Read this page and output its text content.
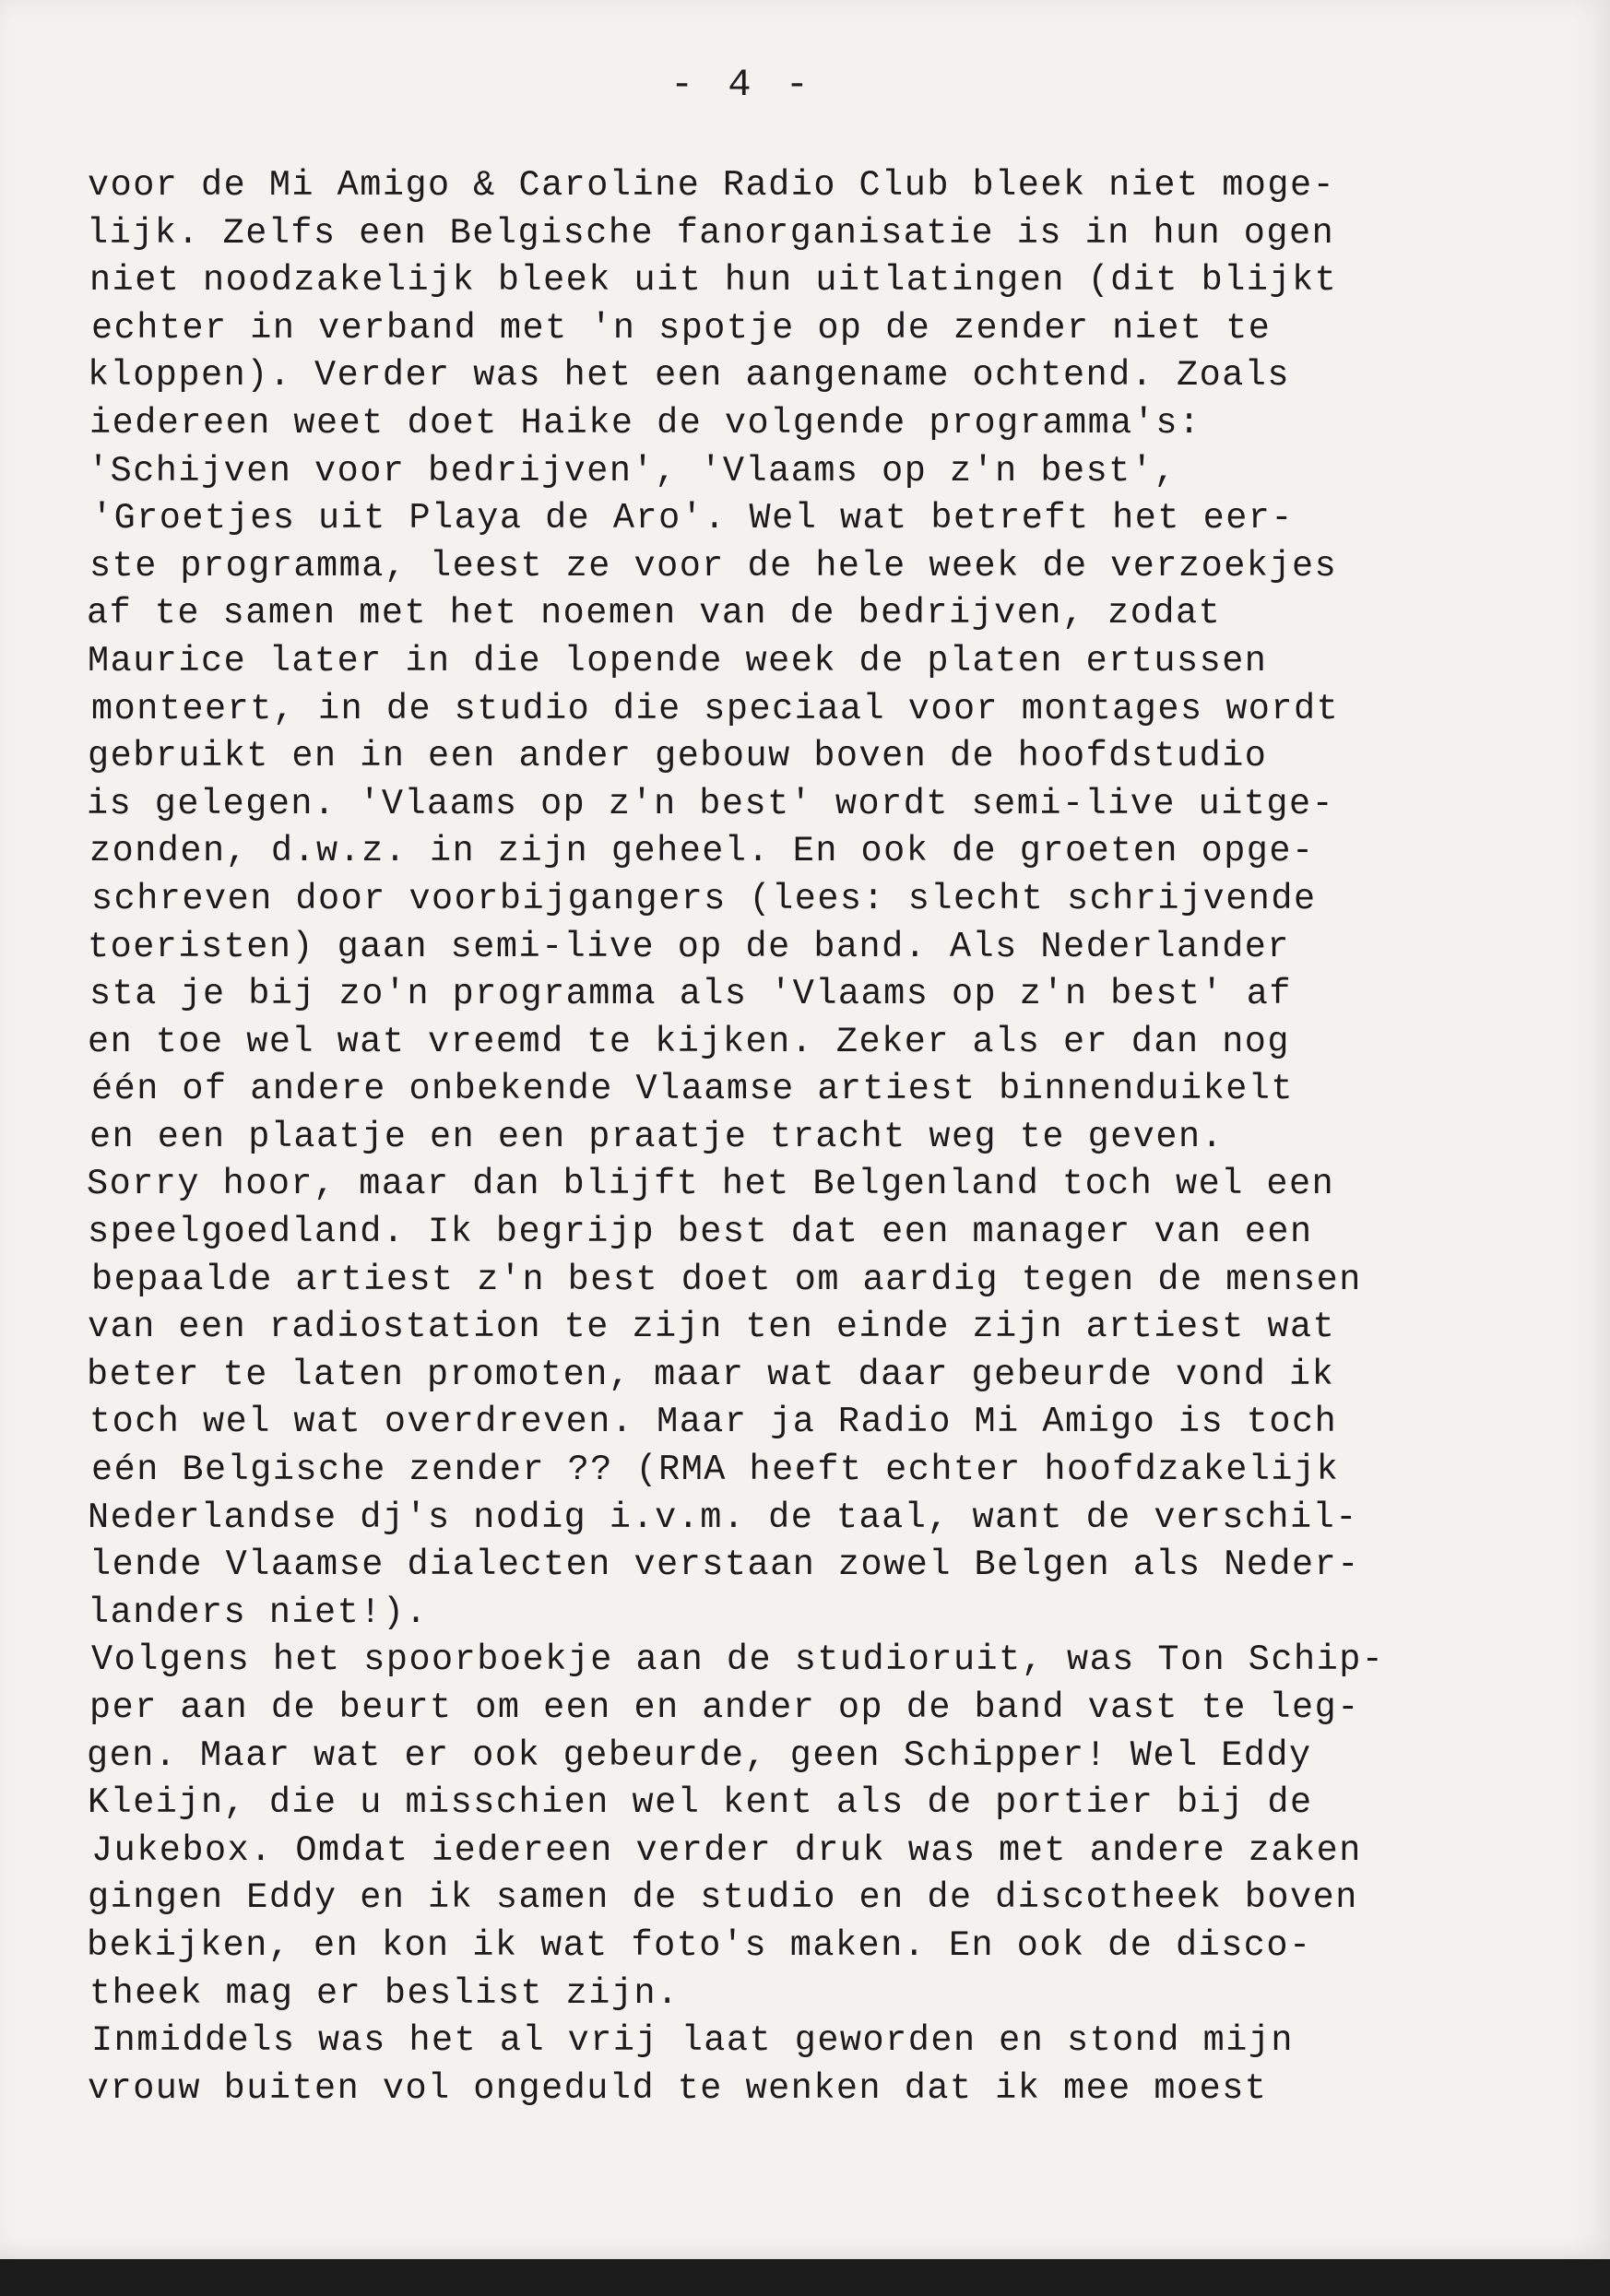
- 4 -
voor de Mi Amigo & Caroline Radio Club bleek niet moge-
lijk. Zelfs een Belgische fanorganisatie is in hun ogen
niet noodzakelijk bleek uit hun uitlatingen (dit blijkt
echter in verband met 'n spotje op de zender niet te
kloppen). Verder was het een aangename ochtend. Zoals
iedereen weet doet Haike de volgende programma's:
'Schijven voor bedrijven', 'Vlaams op z'n best',
'Groetjes uit Playa de Aro'. Wel wat betreft het eer-
ste programma, leest ze voor de hele week de verzoekjes
af te samen met het noemen van de bedrijven, zodat
Maurice later in die lopende week de platen ertussen
monteert, in de studio die speciaal voor montages wordt
gebruikt en in een ander gebouw boven de hoofdstudio
is gelegen. 'Vlaams op z'n best' wordt semi-live uitge-
zonden, d.w.z. in zijn geheel. En ook de groeten opge-
schreven door voorbijgangers (lees: slecht schrijvende
toeristen) gaan semi-live op de band. Als Nederlander
sta je bij zo'n programma als 'Vlaams op z'n best' af
en toe wel wat vreemd te kijken. Zeker als er dan nog
één of andere onbekende Vlaamse artiest binnenduikelt
en een plaatje en een praatje tracht weg te geven.
Sorry hoor, maar dan blijft het Belgenland toch wel een
speelgoedland. Ik begrijp best dat een manager van een
bepaalde artiest z'n best doet om aardig tegen de mensen
van een radiostation te zijn ten einde zijn artiest wat
beter te laten promoten, maar wat daar gebeurde vond ik
toch wel wat overdreven. Maar ja Radio Mi Amigo is toch
eén Belgische zender ?? (RMA heeft echter hoofdzakelijk
Nederlandse dj's nodig i.v.m. de taal, want de verschil-
lende Vlaamse dialecten verstaan zowel Belgen als Neder-
landers niet!).
Volgens het spoorboekje aan de studioruit, was Ton Schip-
per aan de beurt om een en ander op de band vast te leg-
gen. Maar wat er ook gebeurde, geen Schipper! Wel Eddy
Kleijn, die u misschien wel kent als de portier bij de
Jukebox. Omdat iedereen verder druk was met andere zaken
gingen Eddy en ik samen de studio en de discotheek boven
bekijken, en kon ik wat foto's maken. En ook de disco-
theek mag er beslist zijn.
Inmiddels was het al vrij laat geworden en stond mijn
vrouw buiten vol ongeduld te wenken dat ik mee moest
